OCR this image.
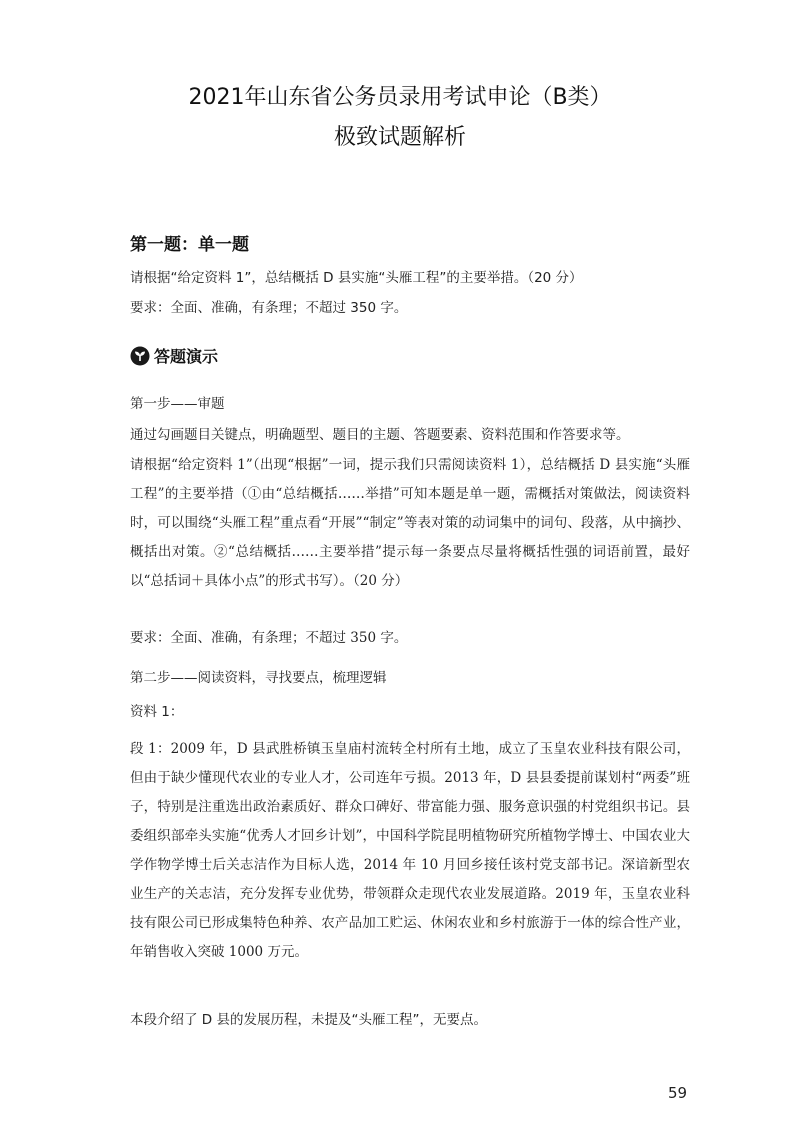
2021年山东省公务员录用考试申论（B类）
极致试题解析
第一题：单一题
请根据“给定资料 1”，总结概括 D 县实施“头雁工程”的主要举措。（20 分）
要求：全面、准确，有条理；不超过 350 字。
答题演示
第一步——审题
通过勾画题目关键点，明确题型、题目的主题、答题要素、资料范围和作答要求等。
请根据“给定资料 1”（出现“根据”一词，提示我们只需阅读资料 1），总结概括 D 县实施“头雁工程”的主要举措（①由“总结概括……举措”可知本题是单一题，需概括对策做法，阅读资料时，可以围绕“头雁工程”重点看“开展”“制定”等表对策的动词集中的词句、段落，从中摘抄、概括出对策。②“总结概括……主要举措”提示每一条要点尽量将概括性强的词语前置，最好以“总括词＋具体小点”的形式书写）。（20 分）
要求：全面、准确，有条理；不超过 350 字。
第二步——阅读资料，寻找要点，梳理逻辑
资料 1：
段 1：2009 年，D 县武胜桥镇玉皇庙村流转全村所有土地，成立了玉皇农业科技有限公司，但由于缺少懂现代农业的专业人才，公司连年亏损。2013 年，D 县县委提前谋划村“两委”班子，特别是注重选出政治素质好、群众口碑好、带富能力强、服务意识强的村党组织书记。县委组织部牵头实施“优秀人才回乡计划”，中国科学院昆明植物研究所植物学博士、中国农业大学作物学博士后关志洁作为目标人选，2014 年 10 月回乡接任该村党支部书记。深谙新型农业生产的关志洁，充分发挥专业优势，带领群众走现代农业发展道路。2019 年，玉皇农业科技有限公司已形成集特色种养、农产品加工贮运、休闲农业和乡村旅游于一体的综合性产业，年销售收入突破 1000 万元。
本段介绍了 D 县的发展历程，未提及“头雁工程”，无要点。
59
